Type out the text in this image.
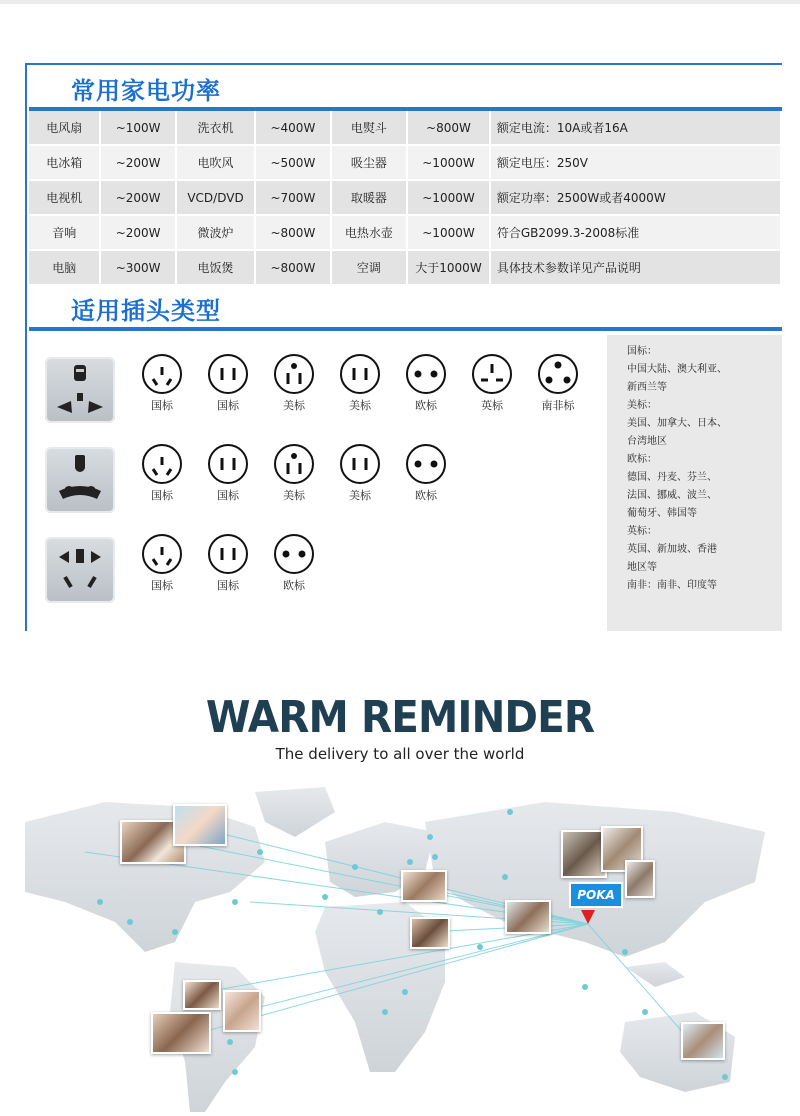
常用家电功率
电风扇	~100W	洗衣机	~400W	电熨斗	~800W	额定电流：10A或者16A
电冰箱	~200W	电吹风	~500W	吸尘器	~1000W	额定电压：250V
电视机	~200W	VCD/DVD	~700W	取暖器	~1000W	额定功率：2500W或者4000W
音响	~200W	微波炉	~800W	电热水壶	~1000W	符合GB2099.3-2008标准
电脑	~300W	电饭煲	~800W	空调	大于1000W	具体技术参数详见产品说明
适用插头类型
国标	国标	美标	美标	欧标	英标	南非标
国标	国标	美标	美标	欧标
国标	国标	欧标
国标：
中国大陆、澳大利亚、
新西兰等
美标：
美国、加拿大、日本、
台湾地区
欧标：
德国、丹麦、芬兰、
法国、挪威、波兰、
葡萄牙、韩国等
英标：
英国、新加坡、香港
地区等
南非：南非、印度等
WARM REMINDER
The delivery to all over the world
POKA
